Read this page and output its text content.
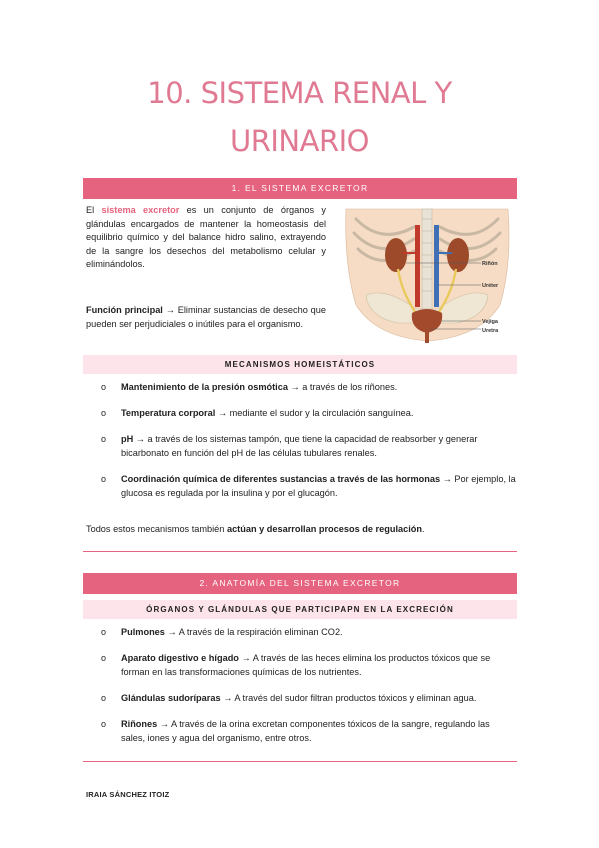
10. SISTEMA RENAL Y
URINARIO
1. EL SISTEMA EXCRETOR
El sistema excretor es un conjunto de órganos y glándulas encargados de mantener la homeostasis del equilibrio químico y del balance hidro salino, extrayendo de la sangre los desechos del metabolismo celular y eliminándolos.
Función principal → Eliminar sustancias de desecho que pueden ser perjudiciales o inútiles para el organismo.
Riñón
Uréter
Vejiga
Uretra
MECANISMOS HOMEISTÁTICOS
o Mantenimiento de la presión osmótica → a través de los riñones.
o Temperatura corporal → mediante el sudor y la circulación sanguínea.
o pH → a través de los sistemas tampón, que tiene la capacidad de reabsorber y generar bicarbonato en función del pH de las células tubulares renales.
o Coordinación química de diferentes sustancias a través de las hormonas → Por ejemplo, la glucosa es regulada por la insulina y por el glucagón.
Todos estos mecanismos también actúan y desarrollan procesos de regulación.
2. ANATOMÍA DEL SISTEMA EXCRETOR
ÓRGANOS Y GLÁNDULAS QUE PARTICIPAPN EN LA EXCRECIÓN
o Pulmones → A través de la respiración eliminan CO2.
o Aparato digestivo e hígado → A través de las heces elimina los productos tóxicos que se forman en las transformaciones químicas de los nutrientes.
o Glándulas sudoríparas → A través del sudor filtran productos tóxicos y eliminan agua.
o Riñones → A través de la orina excretan componentes tóxicos de la sangre, regulando las sales, iones y agua del organismo, entre otros.
IRAIA SÁNCHEZ ITOIZ
